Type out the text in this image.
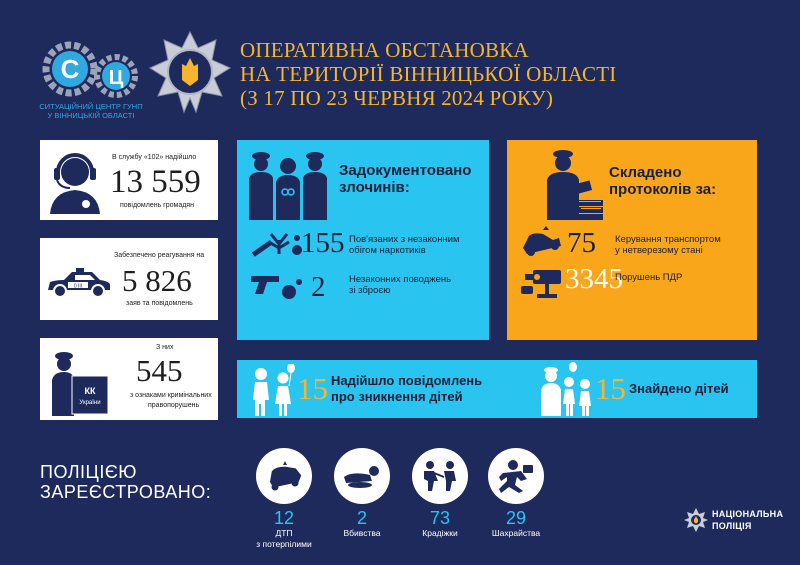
С Ц
СИТУАЦІЙНИЙ ЦЕНТР ГУНП
У ВІННИЦЬКІЙ ОБЛАСТІ
ОПЕРАТИВНА ОБСТАНОВКА
НА ТЕРИТОРІЇ ВІННИЦЬКОЇ ОБЛАСТІ
(З 17 ПО 23 ЧЕРВНЯ 2024 РОКУ)
В службу «102» надійшло
13 559
повідомлень громадян
0 III
Забезпечено реагування на
5 826
заяв та повідомлень
КК
України
З них
545
з ознаками кримінальних
правопорушень
Задокументовано
злочинів:
155 Пов'язаних з незаконним
обігом наркотиків
2 Незаконних поводжень
зі зброєю
Складено
протоколів за:
75 Керування транспортом
у нетверезому стані
3345
Порушень ПДР
15 Надійшло повідомлень
про зникнення дітей	15 Знайдено дітей
ПОЛІЦІЄЮ
ЗАРЕЄСТРОВАНО:
12
ДТП
з потерпілими
2
Вбивства
73
Крадіжки
29
Шахрайства
НАЦІОНАЛЬНА
ПОЛІЦІЯ
